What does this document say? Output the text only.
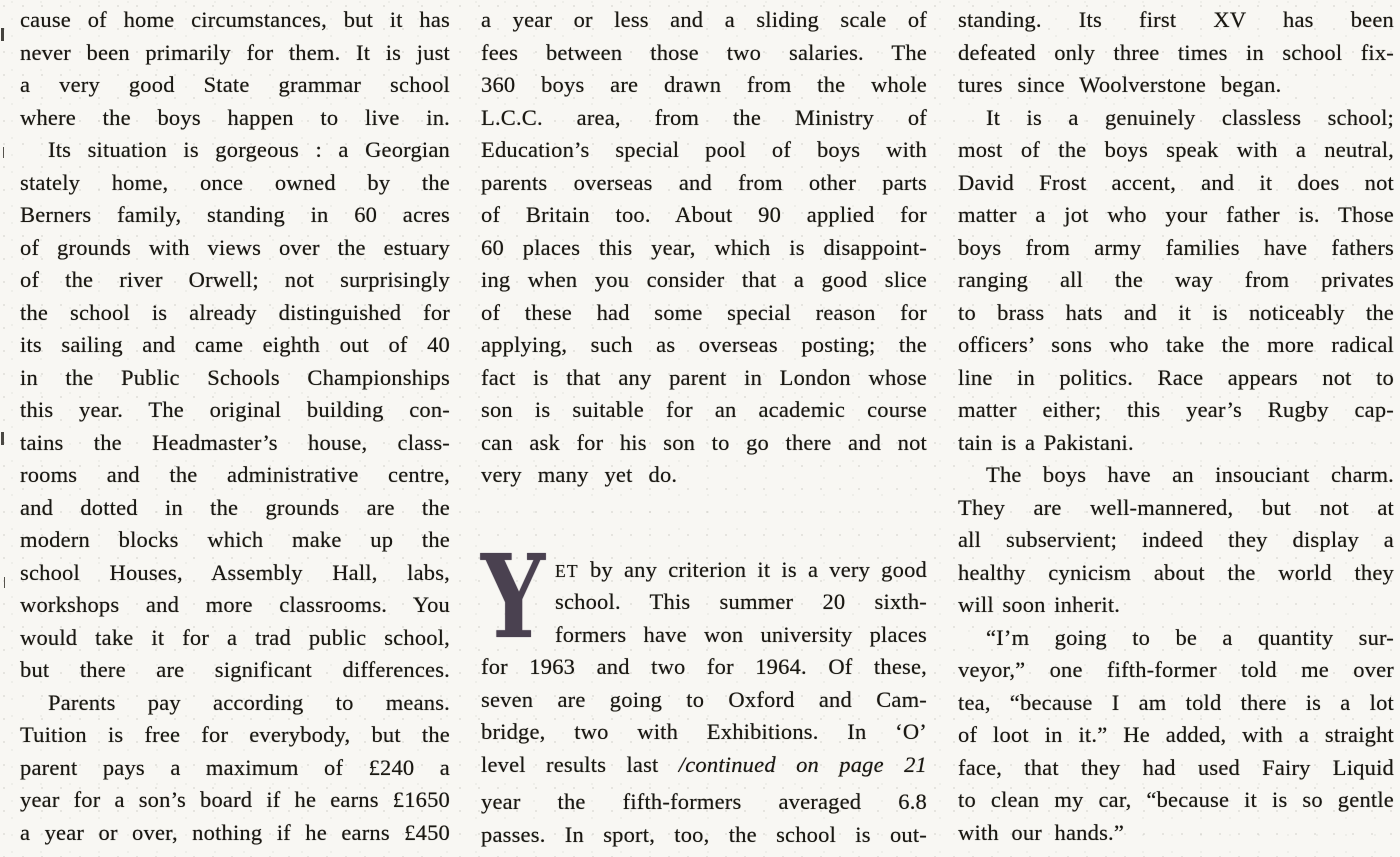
cause of home circumstances, but it has
never been primarily for them. It is just
a very good State grammar school
where the boys happen to live in.
Its situation is gorgeous : a Georgian
stately home, once owned by the
Berners family, standing in 60 acres
of grounds with views over the estuary
of the river Orwell; not surprisingly
the school is already distinguished for
its sailing and came eighth out of 40
in the Public Schools Championships
this year. The original building con-
tains the Headmaster’s house, class-
rooms and the administrative centre,
and dotted in the grounds are the
modern blocks which make up the
school Houses, Assembly Hall, labs,
workshops and more classrooms. You
would take it for a trad public school,
but there are significant differences.
Parents pay according to means.
Tuition is free for everybody, but the
parent pays a maximum of £240 a
year for a son’s board if he earns £1650
a year or over, nothing if he earns £450
a year or less and a sliding scale of
fees between those two salaries. The
360 boys are drawn from the whole
L.C.C. area, from the Ministry of
Education’s special pool of boys with
parents overseas and from other parts
of Britain too. About 90 applied for
60 places this year, which is disappoint-
ing when you consider that a good slice
of these had some special reason for
applying, such as overseas posting; the
fact is that any parent in London whose
son is suitable for an academic course
can ask for his son to go there and not
very many yet do.
Y ET by any criterion it is a very good
school. This summer 20 sixth-
formers have won university places
for 1963 and two for 1964. Of these,
seven are going to Oxford and Cam-
bridge, two with Exhibitions. In ‘O’
level results last /continued on page 21
year the fifth-formers averaged 6.8
passes. In sport, too, the school is out-
standing. Its first XV has been
defeated only three times in school fix-
tures since Woolverstone began.
It is a genuinely classless school;
most of the boys speak with a neutral,
David Frost accent, and it does not
matter a jot who your father is. Those
boys from army families have fathers
ranging all the way from privates
to brass hats and it is noticeably the
officers’ sons who take the more radical
line in politics. Race appears not to
matter either; this year’s Rugby cap-
tain is a Pakistani.
The boys have an insouciant charm.
They are well-mannered, but not at
all subservient; indeed they display a
healthy cynicism about the world they
will soon inherit.
“I’m going to be a quantity sur-
veyor,” one fifth-former told me over
tea, “because I am told there is a lot
of loot in it.” He added, with a straight
face, that they had used Fairy Liquid
to clean my car, “because it is so gentle
with our hands.”
